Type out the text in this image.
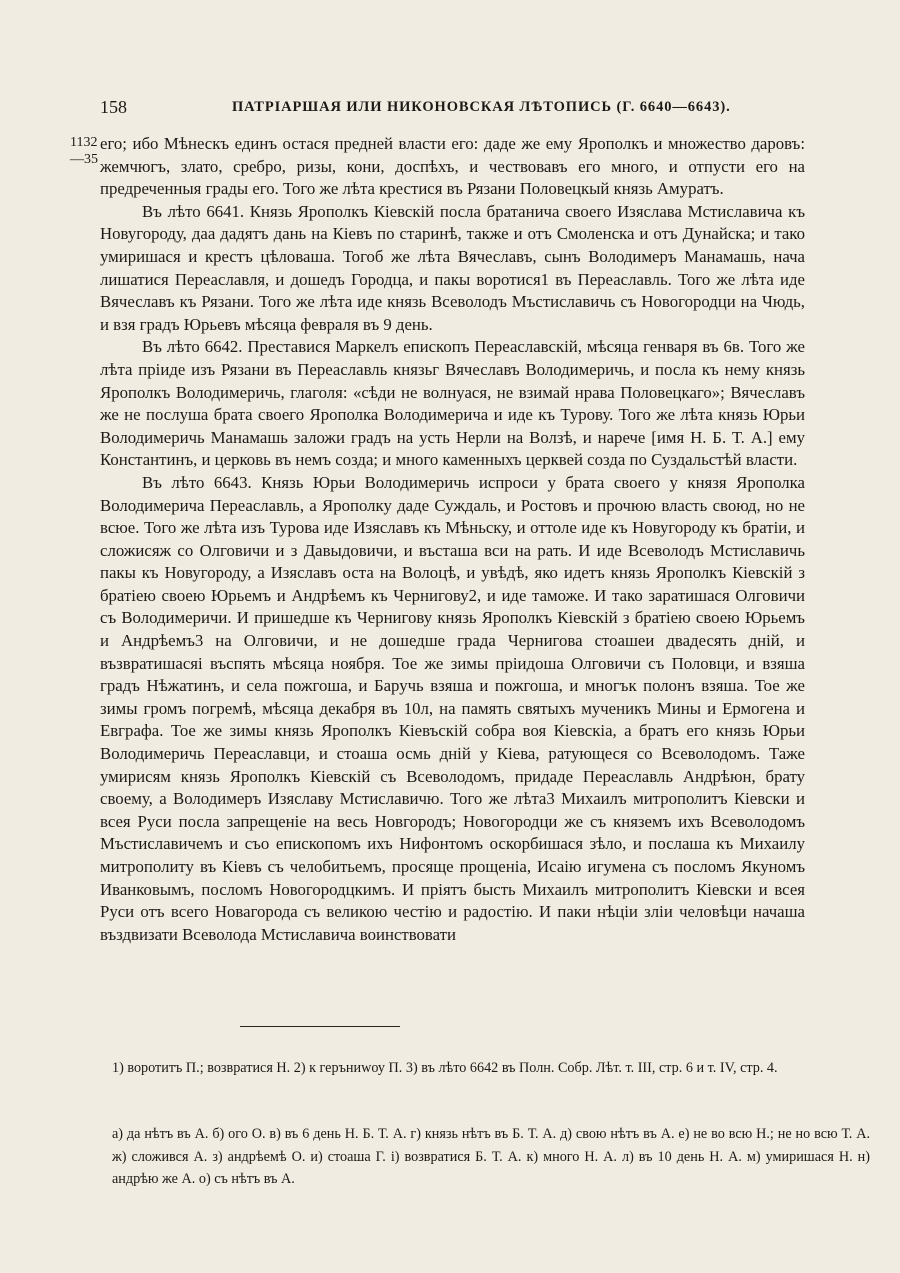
158	ПАТРІАРШАЯ ИЛИ НИКОНОВСКАЯ ЛѢТОПИСЬ (Г. 6640—6643).
1132
—35

его; ибо Мѣнескъ единъ остася предней власти его: даде же ему Ярополкъ и множество даровъ: жемчюгъ, злато, сребро, ризы, кони, доспѣхъ, и чествовавъ его много, и отпусти его на предреченныя грады его. Того же лѣта крестися въ Рязани Половецкый князь Амуратъ.

Въ лѣто 6641. Князь Ярополкъ Кіевскій посла братанича своего Изяслава Мстиславича къ Новугороду, даа дадятъ дань на Кіевъ по старинѣ, также и отъ Смоленска и отъ Дунайска; и тако умиришася и крестъ цѣловаша. Тогоб же лѣта Вячеславъ, сынъ Володимеръ Манамашь, нача лишатися Переаславля, и дошедъ Городца, и пакы воротися1 въ Переаславль. Того же лѣта иде Вячеславъ къ Рязани. Того же лѣта иде князь Всеволодъ Мъстиславичь съ Новогородци на Чюдь, и взя градъ Юрьевъ мѣсяца февраля въ 9 день.

Въ лѣто 6642. Преставися Маркелъ епископъ Переаславскій, мѣсяца генваря въ 6в. Того же лѣта пріиде изъ Рязани въ Переаславль князьг Вячеславъ Володимеричь, и посла къ нему князь Ярополкъ Володимеричь, глаголя: «сѣди не волнуася, не взимай нрава Половецкаго»; Вячеславъ же не послуша брата своего Ярополка Володимерича и иде къ Турову. Того же лѣта князь Юрьи Володимеричь Манамашь заложи градъ на усть Нерли на Волзѣ, и нарече [имя Н. Б. Т. А.] ему Константинъ, и церковь въ немъ созда; и много каменныхъ церквей созда по Суздальстѣй власти.

Въ лѣто 6643. Князь Юрьи Володимеричь испроси у брата своего у князя Ярополка Володимерича Переаславль, а Ярополку даде Суждаль, и Ростовъ и прочюю власть своюд, но не всюе. Того же лѣта изъ Турова иде Изяславъ къ Мѣньску, и оттоле иде къ Новугороду къ братіи, и сложисяж со Олговичи и з Давыдовичи, и въсташа вси на рать. И иде Всеволодъ Мстиславичь пакы къ Новугороду, а Изяславъ оста на Волоцѣ, и увѣдѣ, яко идетъ князь Ярополкъ Кіевскій з братіею своею Юрьемъ и Андрѣемъ къ Чернигову2, и иде таможе. И тако заратишася Олговичи съ Володимеричи. И пришедше къ Чернигову князь Ярополкъ Кіевскій з братіею своею Юрьемъ и Андрѣемъ3 на Олговичи, и не дошедше града Чернигова стоашеи двадесять днiй, и възвратишасяі въспять мѣсяца ноября. Тое же зимы пріидоша Олговичи съ Половци, и взяша градъ Нѣжатинъ, и села пожгоша, и Баручь взяша и пожгоша, и многък полонъ взяша. Тое же зимы громъ погремѣ, мѣсяца декабря въ 10л, на память святыхъ мученикъ Мины и Ермогена и Евграфа. Тое же зимы князь Ярополкъ Кіевъскій собра воя Кіевскіа, а братъ его князь Юрьи Володимеричь Переаславци, и стоаша осмь днiй у Кіева, ратующеся со Всеволодомъ. Таже умирисям князь Ярополкъ Кіевскій съ Всеволодомъ, придаде Переаславль Андрѣюн, брату своему, а Володимеръ Изяславу Мстиславичю. Того же лѣта3 Михаилъ митрополитъ Кіевски и всея Руси посла запрещеніе на весь Новгородъ; Новогородци же съ княземъ ихъ Всеволодомъ Мъстиславичемъ и съо епископомъ ихъ Нифонтомъ оскорбишася зѣло, и послаша къ Михаилу митрополиту въ Кіевъ съ челобитьемъ, просяще прощеніа, Исаію игумена съ посломъ Якуномъ Иванковымъ, посломъ Новогородцкимъ. И пріятъ бысть Михаилъ митрополитъ Кіевски и всея Руси отъ всего Новагорода съ великою честію и радостію. И паки нѣцiи зліи человѣци начаша въздвизати Всеволода Мстиславича воинствовати

1) воротитъ П.; возвратися Н. 2) к геръниwоу П. 3) въ лѣто 6642 въ Полн. Собр. Лѣт. т. III, стр. 6 и т. IV, стр. 4.

а) да нѣтъ въ А. б) ого О. в) въ 6 день Н. Б. Т. А. г) князь нѣтъ въ Б. Т. А. д) свою нѣтъ въ А. е) не во всю Н.; не но всю Т. А. ж) сложився А. з) андрѣемѣ О. и) стоаша Г. і) возвратися Б. Т. А. к) много Н. А. л) въ 10 день Н. А. м) умиришася Н. н) андрѣю же А. о) съ нѣтъ въ А.
